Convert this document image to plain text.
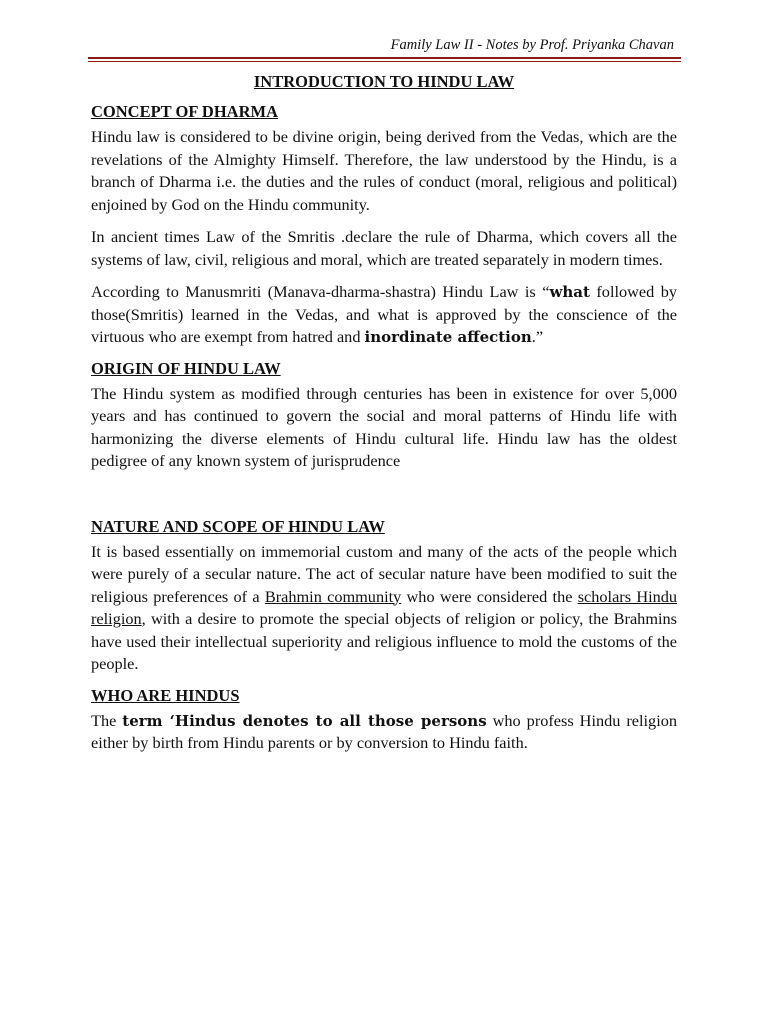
Family Law II - Notes by Prof. Priyanka Chavan
INTRODUCTION TO HINDU LAW
CONCEPT OF DHARMA

Hindu law is considered to be divine origin, being derived from the Vedas, which are the revelations of the Almighty Himself. Therefore, the law understood by the Hindu, is a branch of Dharma i.e. the duties and the rules of conduct (moral, religious and political) enjoined by God on the Hindu community.

In ancient times Law of the Smritis .declare the rule of Dharma, which covers all the systems of law, civil, religious and moral, which are treated separately in modern times.

According to Manusmriti (Manava-dharma-shastra) Hindu Law is “what followed by those(Smritis) learned in the Vedas, and what is approved by the conscience of the virtuous who are exempt from hatred and inordinate affection.”

ORIGIN OF HINDU LAW

The Hindu system as modified through centuries has been in existence for over 5,000 years and has continued to govern the social and moral patterns of Hindu life with harmonizing the diverse elements of Hindu cultural life. Hindu law has the oldest pedigree of any known system of jurisprudence

NATURE AND SCOPE OF HINDU LAW

It is based essentially on immemorial custom and many of the acts of the people which were purely of a secular nature. The act of secular nature have been modified to suit the religious preferences of a Brahmin community who were considered the scholars Hindu religion, with a desire to promote the special objects of religion or policy, the Brahmins have used their intellectual superiority and religious influence to mold the customs of the people.

WHO ARE HINDUS

The term ‘Hindus denotes to all those persons who profess Hindu religion either by birth from Hindu parents or by conversion to Hindu faith.
